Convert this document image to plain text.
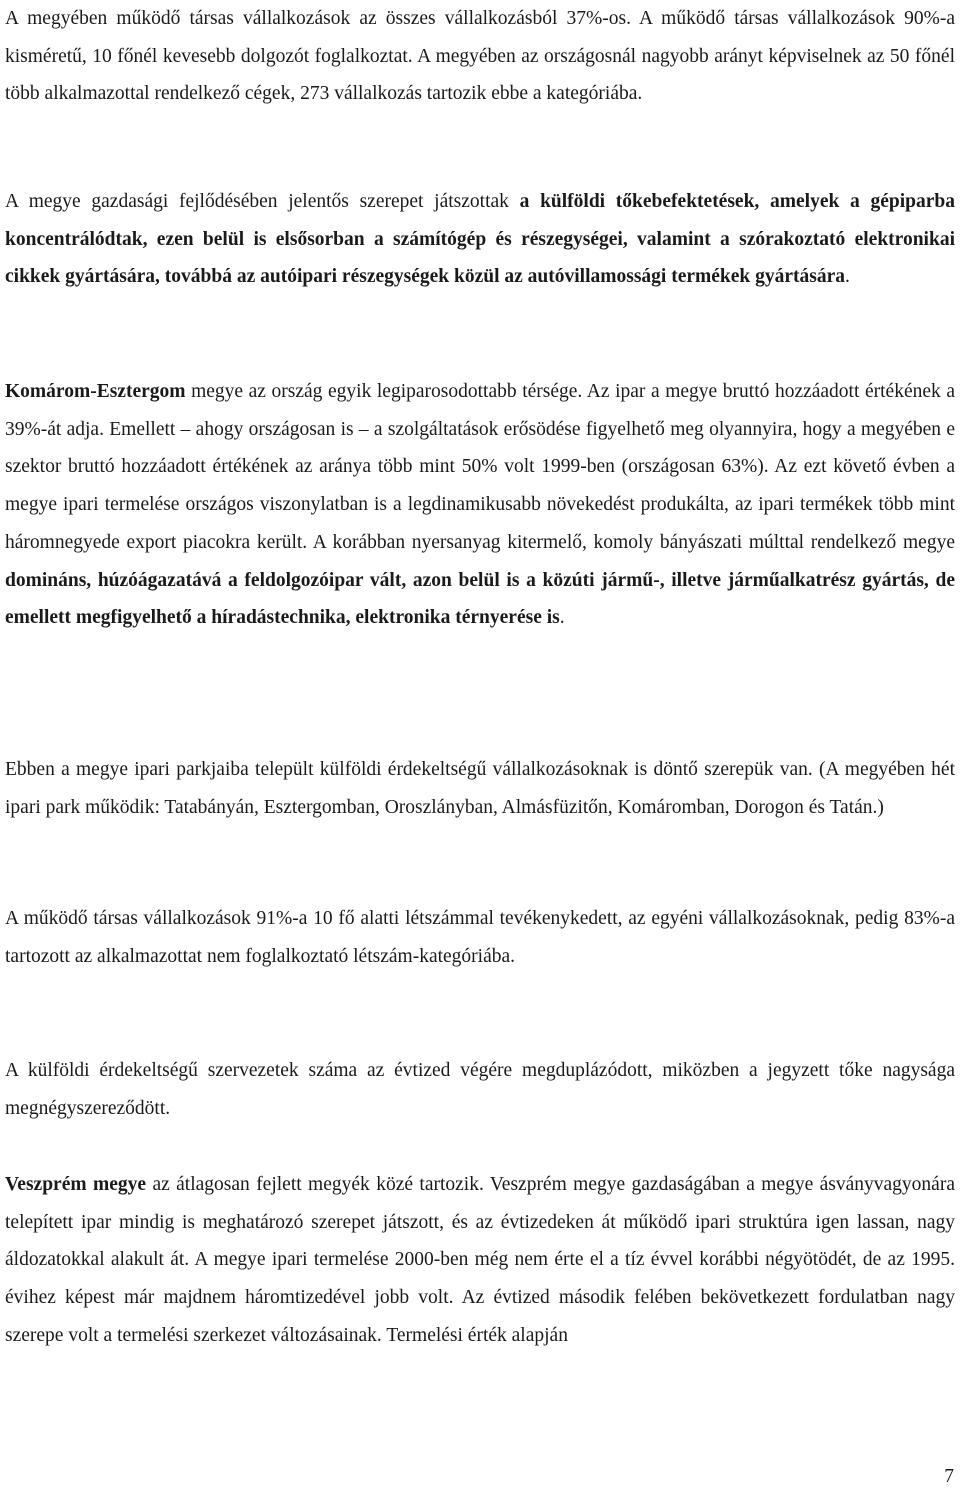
A megyében működő társas vállalkozások az összes vállalkozásból 37%-os. A működő társas vállalkozások 90%-a kisméretű, 10 főnél kevesebb dolgozót foglalkoztat. A megyében az országosnál nagyobb arányt képviselnek az 50 főnél több alkalmazottal rendelkező cégek, 273 vállalkozás tartozik ebbe a kategóriába.

A megye gazdasági fejlődésében jelentős szerepet játszottak a külföldi tőkebefektetések, amelyek a gépiparba koncentrálódtak, ezen belül is elsősorban a számítógép és részegységei, valamint a szórakoztató elektronikai cikkek gyártására, továbbá az autóipari részegységek közül az autóvillamossági termékek gyártására.

Komárom-Esztergom megye az ország egyik legiparosodottabb térsége. Az ipar a megye bruttó hozzáadott értékének a 39%-át adja. Emellett – ahogy országosan is – a szolgáltatások erősödése figyelhető meg olyannyira, hogy a megyében e szektor bruttó hozzáadott értékének az aránya több mint 50% volt 1999-ben (országosan 63%). Az ezt követő évben a megye ipari termelése országos viszonylatban is a legdinamikusabb növekedést produkálta, az ipari termékek több mint háromnegyede export piacokra került. A korábban nyersanyag kitermelő, komoly bányászati múlttal rendelkező megye domináns, húzóágazatává a feldolgozóipar vált, azon belül is a közúti jármű-, illetve járműalkatrész gyártás, de emellett megfigyelhető a híradástechnika, elektronika térnyerése is.

Ebben a megye ipari parkjaiba települt külföldi érdekeltségű vállalkozásoknak is döntő szerepük van. (A megyében hét ipari park működik: Tatabányán, Esztergomban, Oroszlányban, Almásfüzitőn, Komáromban, Dorogon és Tatán.)

A működő társas vállalkozások 91%-a 10 fő alatti létszámmal tevékenykedett, az egyéni vállalkozásoknak, pedig 83%-a tartozott az alkalmazottat nem foglalkoztató létszám-kategóriába.

A külföldi érdekeltségű szervezetek száma az évtized végére megduplázódott, miközben a jegyzett tőke nagysága megnégyszereződött.

Veszprém megye az átlagosan fejlett megyék közé tartozik. Veszprém megye gazdaságában a megye ásványvagyonára telepített ipar mindig is meghatározó szerepet játszott, és az évtizedeken át működő ipari struktúra igen lassan, nagy áldozatokkal alakult át. A megye ipari termelése 2000-ben még nem érte el a tíz évvel korábbi négyötödét, de az 1995. évihez képest már majdnem háromtizedével jobb volt. Az évtized második felében bekövetkezett fordulatban nagy szerepe volt a termelési szerkezet változásainak. Termelési érték alapján

7
